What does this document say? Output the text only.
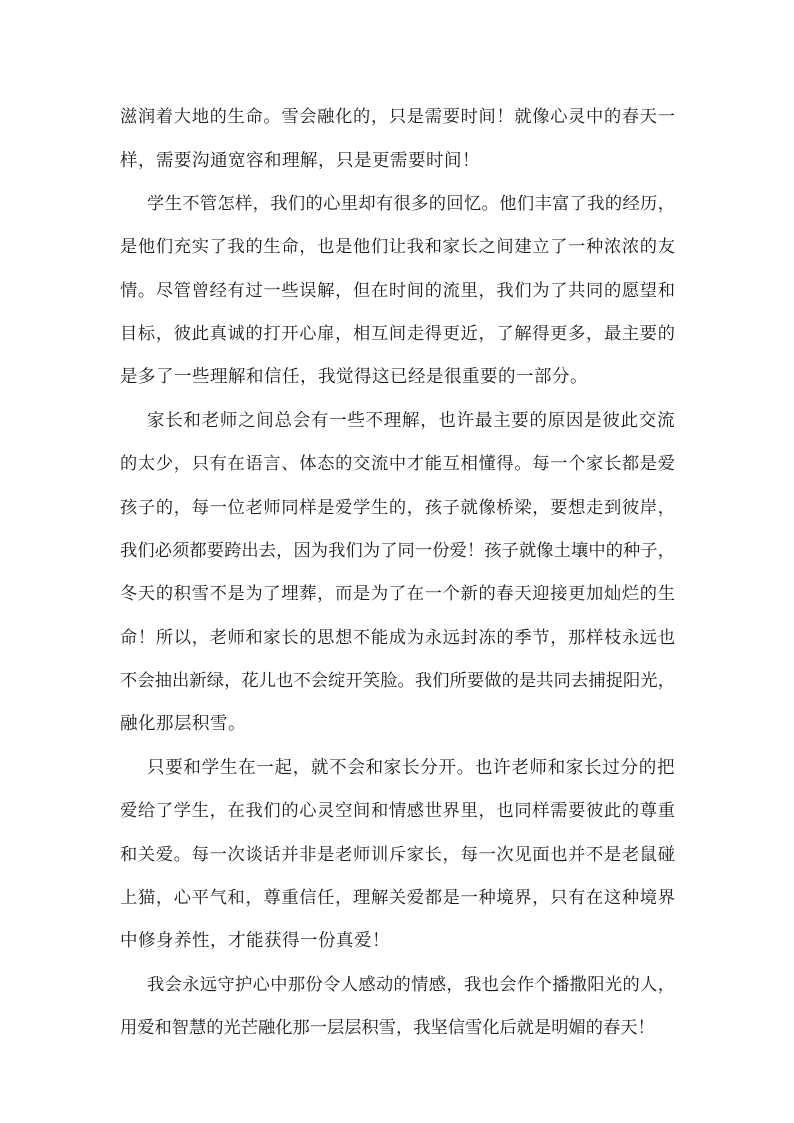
滋润着大地的生命。雪会融化的，只是需要时间！就像心灵中的春天一
样，需要沟通宽容和理解，只是更需要时间！
学生不管怎样，我们的心里却有很多的回忆。他们丰富了我的经历，
是他们充实了我的生命，也是他们让我和家长之间建立了一种浓浓的友
情。尽管曾经有过一些误解，但在时间的流里，我们为了共同的愿望和
目标，彼此真诚的打开心扉，相互间走得更近，了解得更多，最主要的
是多了一些理解和信任，我觉得这已经是很重要的一部分。
家长和老师之间总会有一些不理解，也许最主要的原因是彼此交流
的太少，只有在语言、体态的交流中才能互相懂得。每一个家长都是爱
孩子的，每一位老师同样是爱学生的，孩子就像桥梁，要想走到彼岸，
我们必须都要跨出去，因为我们为了同一份爱！孩子就像土壤中的种子，
冬天的积雪不是为了埋葬，而是为了在一个新的春天迎接更加灿烂的生
命！所以，老师和家长的思想不能成为永远封冻的季节，那样枝永远也
不会抽出新绿，花儿也不会绽开笑脸。我们所要做的是共同去捕捉阳光，
融化那层积雪。
只要和学生在一起，就不会和家长分开。也许老师和家长过分的把
爱给了学生，在我们的心灵空间和情感世界里，也同样需要彼此的尊重
和关爱。每一次谈话并非是老师训斥家长，每一次见面也并不是老鼠碰
上猫，心平气和，尊重信任，理解关爱都是一种境界，只有在这种境界
中修身养性，才能获得一份真爱！
我会永远守护心中那份令人感动的情感，我也会作个播撒阳光的人，
用爱和智慧的光芒融化那一层层积雪，我坚信雪化后就是明媚的春天！
